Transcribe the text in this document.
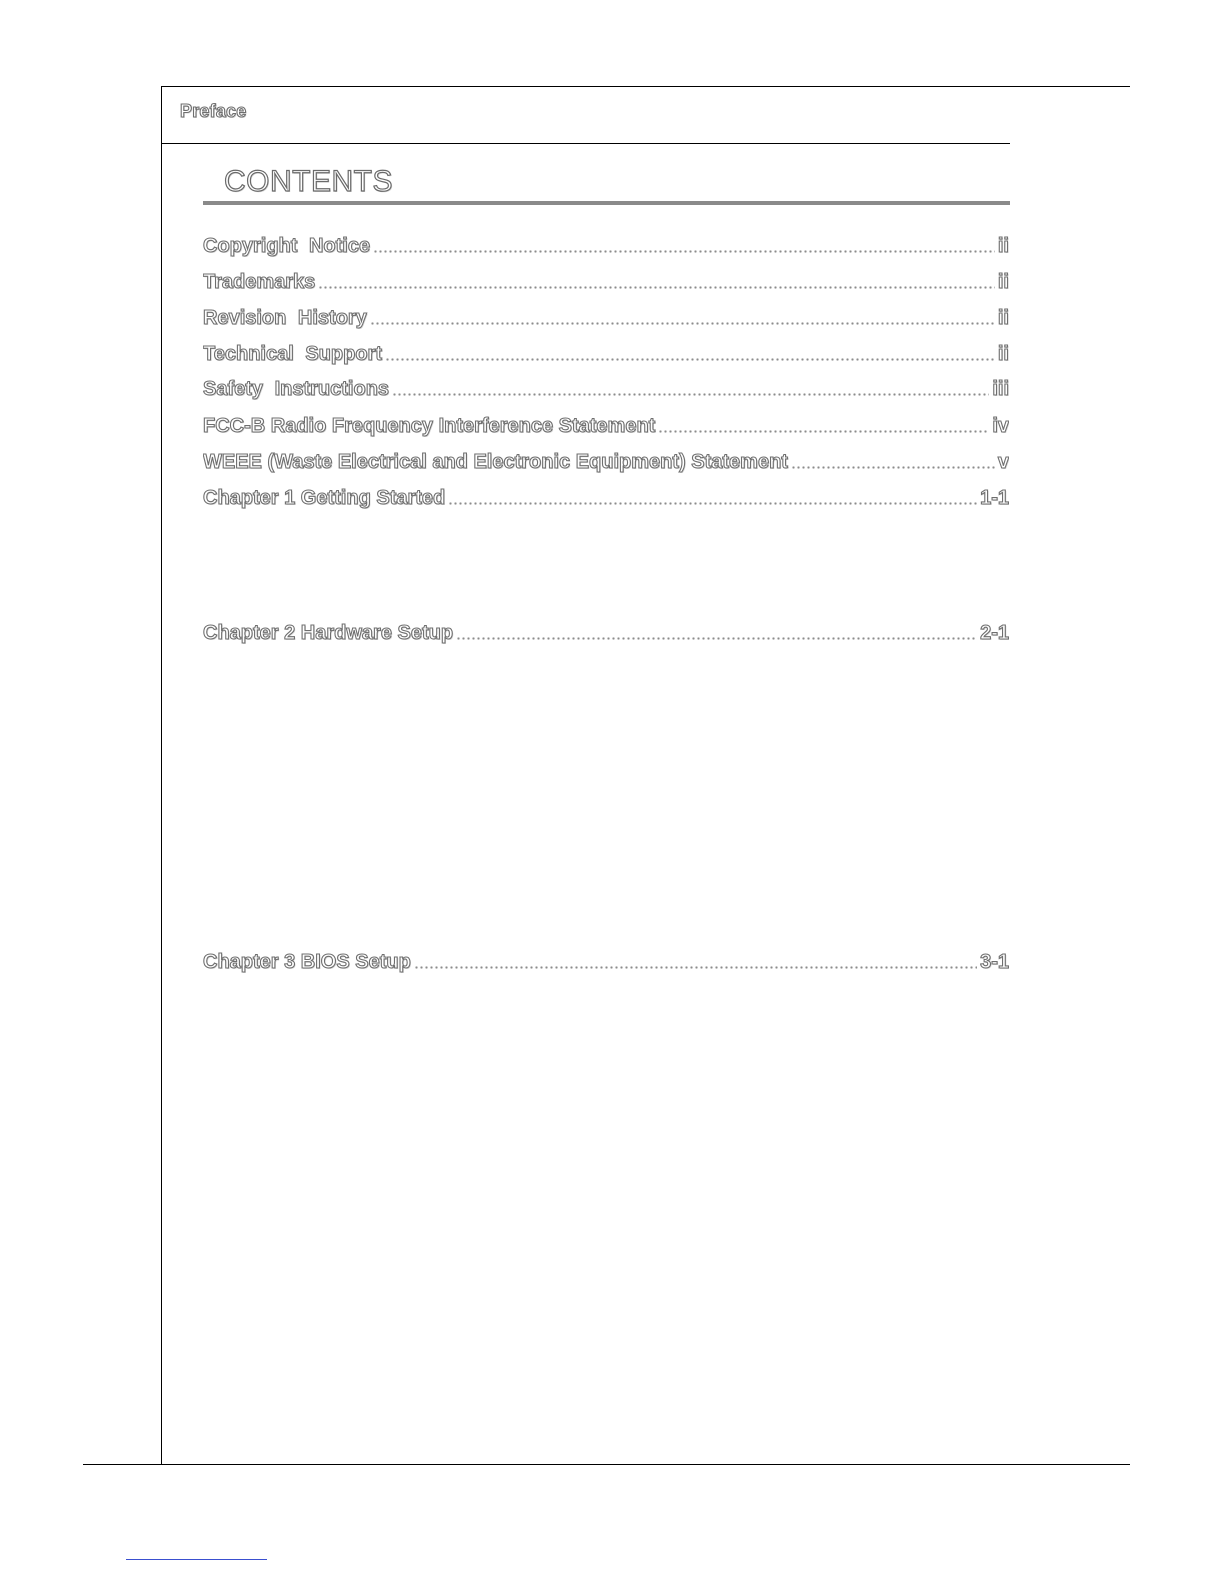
Preface
CONTENTS
Copyright Notice	ii
Trademarks	ii
Revision History	ii
Technical Support	ii
Safety Instructions	iii
FCC-B Radio Frequency Interference Statement	iv
WEEE (Waste Electrical and Electronic Equipment) Statement	v
Chapter 1 Getting Started	1-1
Chapter 2 Hardware Setup	2-1
Chapter 3 BIOS Setup	3-1
